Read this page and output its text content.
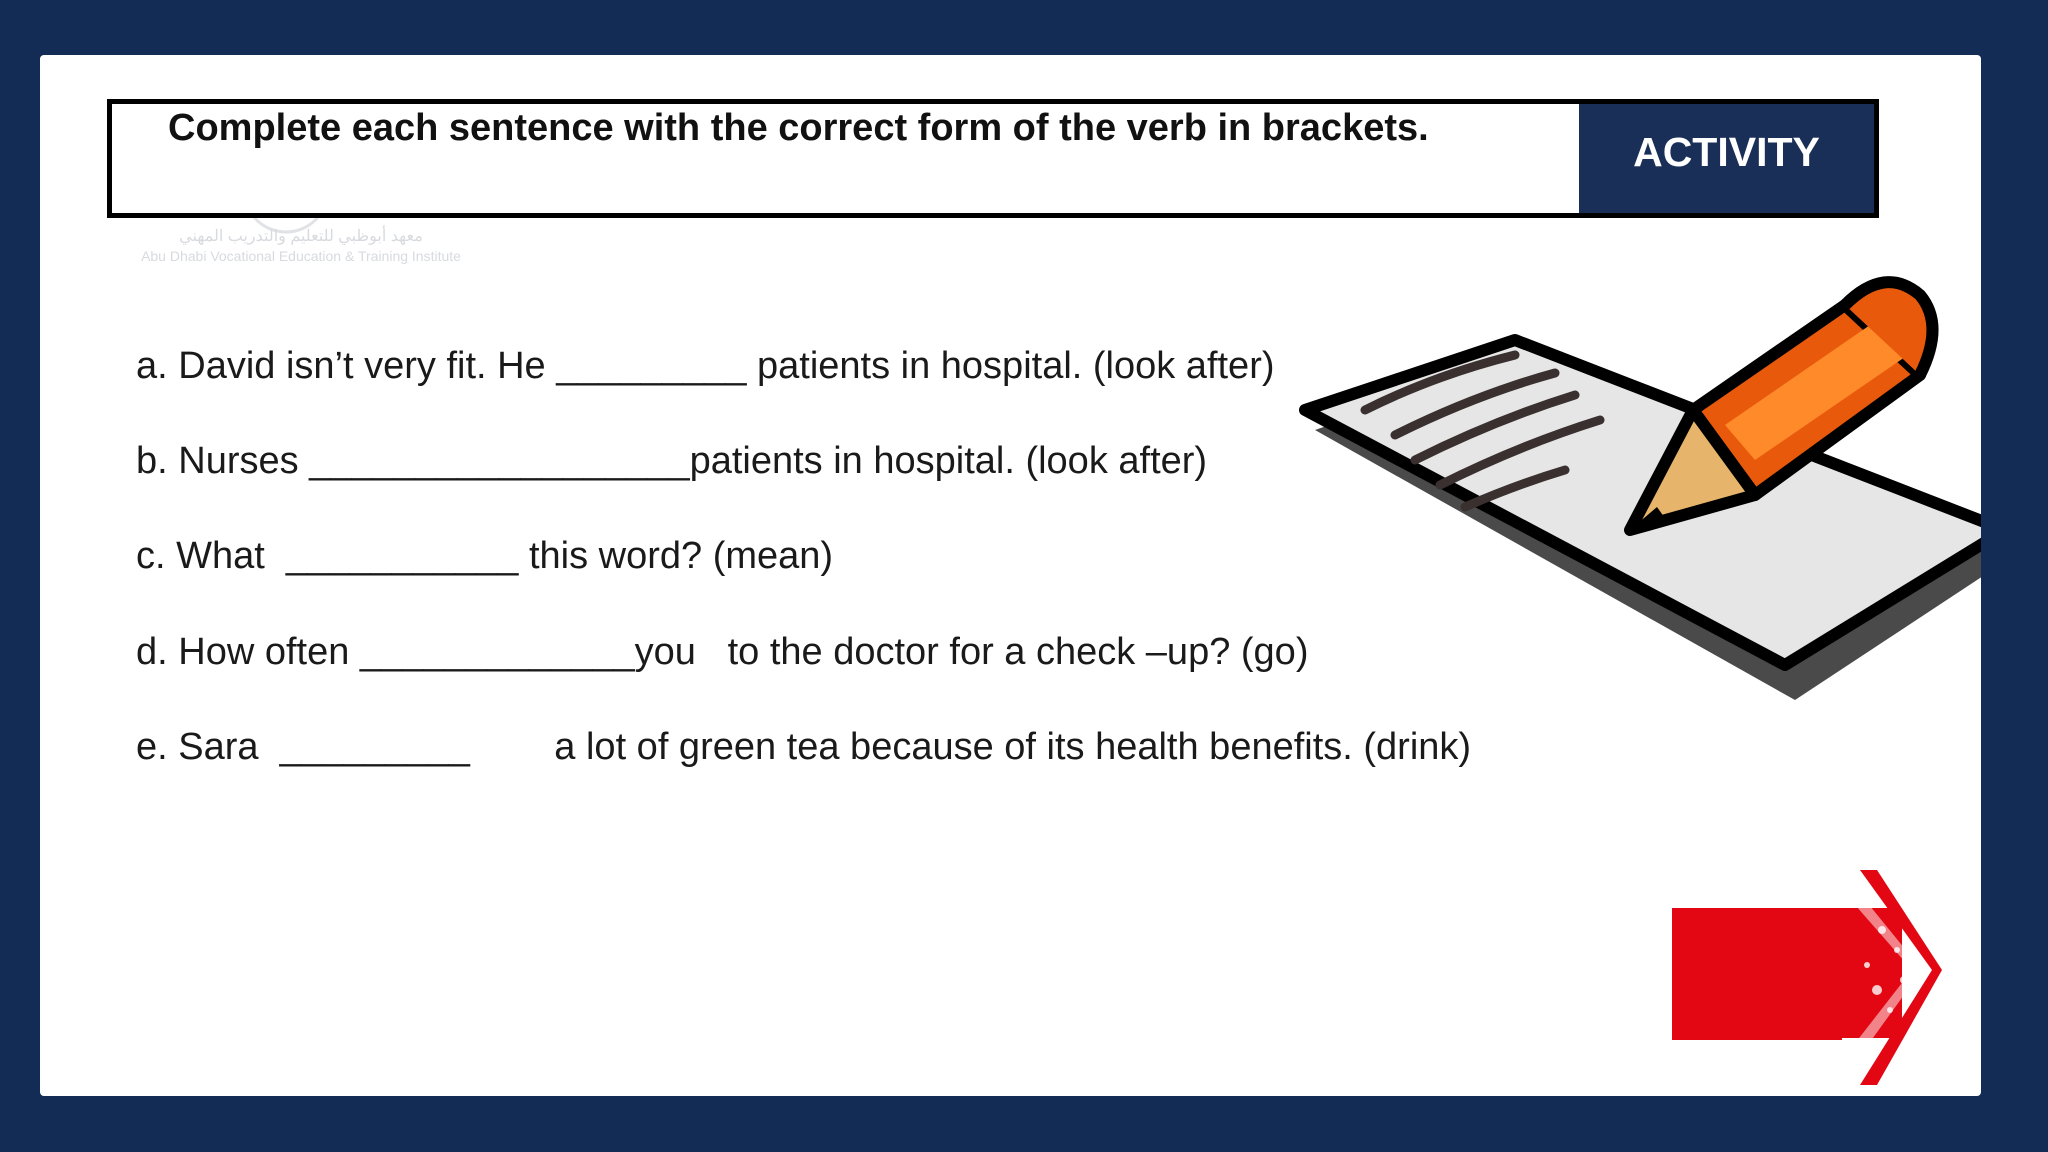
Abu Dhabi Vocational Education & Training Institute
معهد أبوظبي للتعليم والتدريب المهني
ACTIVITY
Complete each sentence with the correct form of the verb in brackets.
a. David isn’t very fit. He _________ patients in hospital. (look after)
b. Nurses __________________patients in hospital. (look after)
c. What  ___________ this word? (mean)
d. How often _____________you   to the doctor for a check –up? (go)
e. Sara  _________        a lot of green tea because of its health benefits. (drink)
